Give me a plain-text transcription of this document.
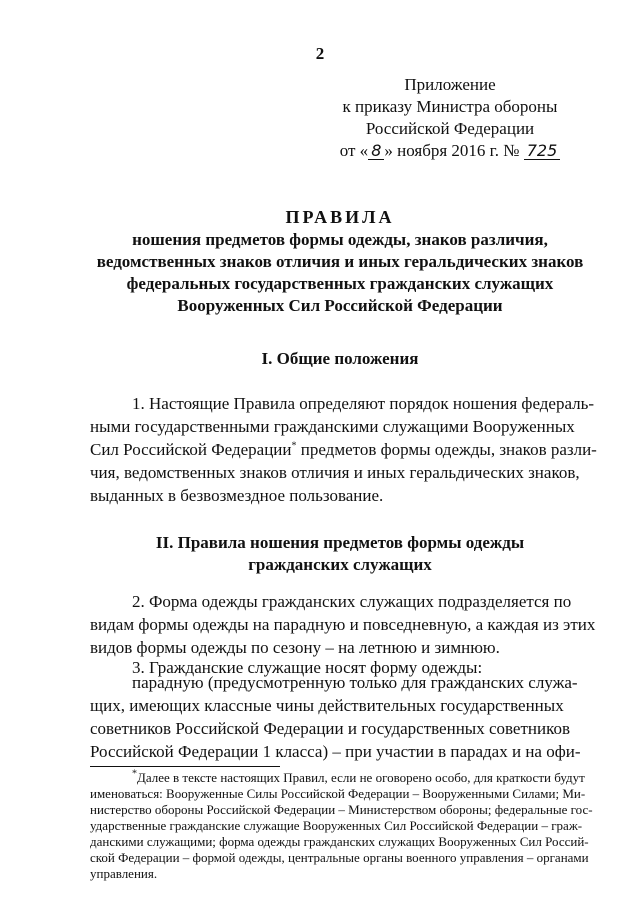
2
Приложение
к приказу Министра обороны
Российской Федерации
от « 8 » ноября 2016 г. № 725
ПРАВИЛА
ношения предметов формы одежды, знаков различия,
ведомственных знаков отличия и иных геральдических знаков
федеральных государственных гражданских служащих
Вооруженных Сил Российской Федерации
I. Общие положения
1. Настоящие Правила определяют порядок ношения федераль-
ными государственными гражданскими служащими Вооруженных
Сил Российской Федерации* предметов формы одежды, знаков разли-
чия, ведомственных знаков отличия и иных геральдических знаков,
выданных в безвозмездное пользование.
II. Правила ношения предметов формы одежды
гражданских служащих
2. Форма одежды гражданских служащих подразделяется по
видам формы одежды на парадную и повседневную, а каждая из этих
видов формы одежды по сезону – на летнюю и зимнюю.
3. Гражданские служащие носят форму одежды:
парадную (предусмотренную только для гражданских служа-
щих, имеющих классные чины действительных государственных
советников Российской Федерации и государственных советников
Российской Федерации 1 класса) – при участии в парадах и на офи-
*Далее в тексте настоящих Правил, если не оговорено особо, для краткости будут
именоваться: Вооруженные Силы Российской Федерации – Вооруженными Силами; Ми-
нистерство обороны Российской Федерации – Министерством обороны; федеральные гос-
ударственные гражданские служащие Вооруженных Сил Российской Федерации – граж-
данскими служащими; форма одежды гражданских служащих Вооруженных Сил Россий-
ской Федерации – формой одежды, центральные органы военного управления – органами
управления.
